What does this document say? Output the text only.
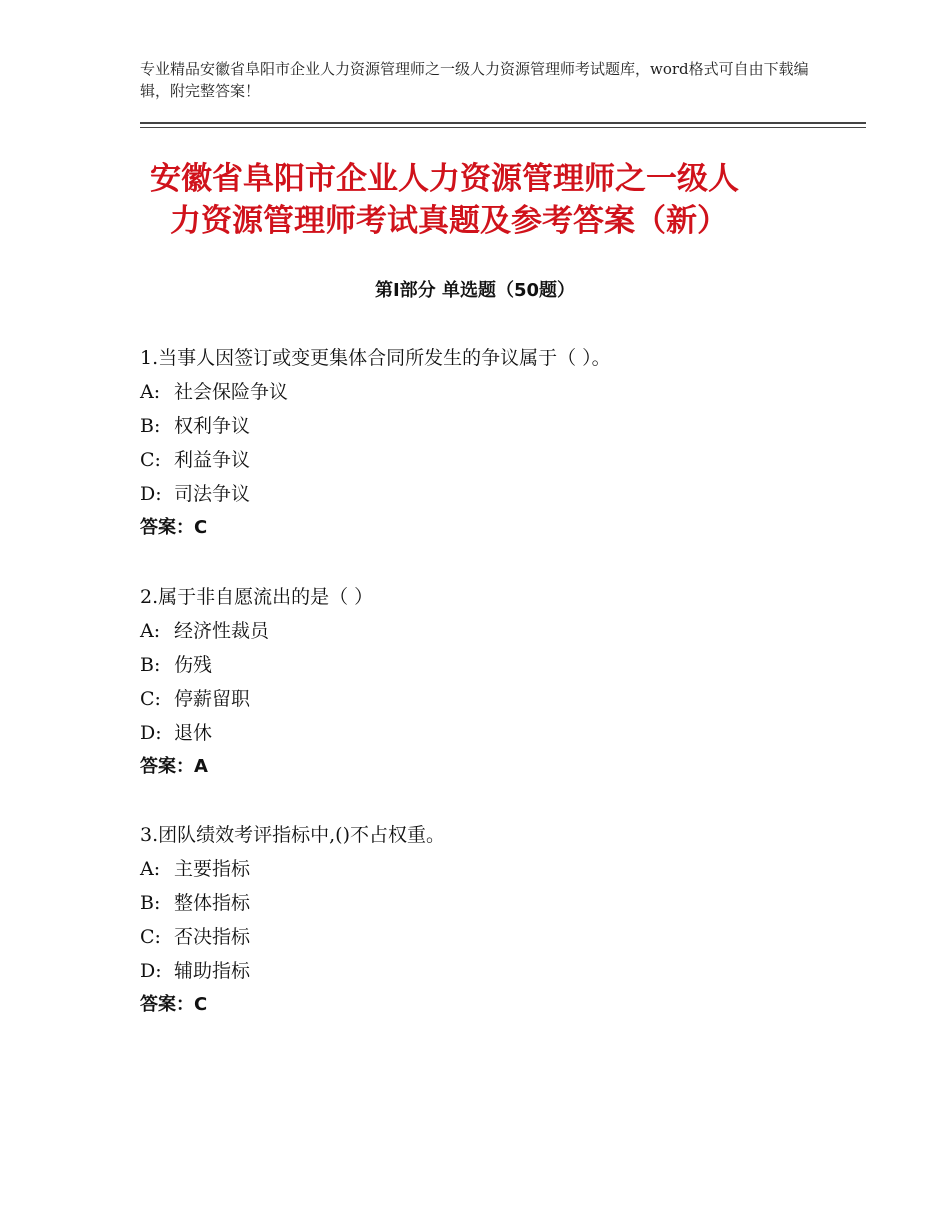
专业精品安徽省阜阳市企业人力资源管理师之一级人力资源管理师考试题库，word格式可自由下载编辑，附完整答案！
安徽省阜阳市企业人力资源管理师之一级人
力资源管理师考试真题及参考答案（新）
第Ⅰ部分 单选题（50题）
1.当事人因签订或变更集体合同所发生的争议属于（ ）。
A: 社会保险争议
B: 权利争议
C: 利益争议
D: 司法争议
答案：C
2.属于非自愿流出的是（ ）
A: 经济性裁员
B: 伤残
C: 停薪留职
D: 退休
答案：A
3.团队绩效考评指标中,()不占权重。
A: 主要指标
B: 整体指标
C: 否决指标
D: 辅助指标
答案：C
